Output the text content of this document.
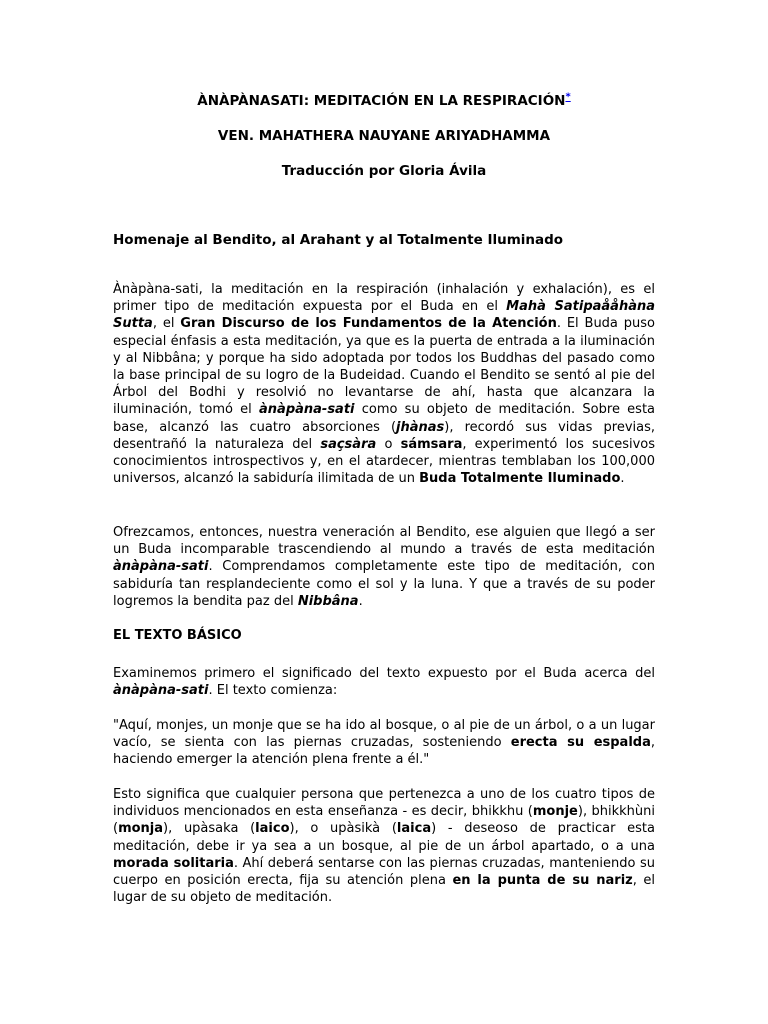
ÀNÀPÀNASATI: MEDITACIÓN EN LA RESPIRACIÓN*
VEN. MAHATHERA NAUYANE ARIYADHAMMA
Traducción por Gloria Ávila
Homenaje al Bendito, al Arahant y al Totalmente Iluminado
Ànàpàna-sati, la meditación en la respiración (inhalación y exhalación), es el primer tipo de meditación expuesta por el Buda en el Mahà Satipaååhàna Sutta, el Gran Discurso de los Fundamentos de la Atención. El Buda puso especial énfasis a esta meditación, ya que es la puerta de entrada a la iluminación y al Nibbâna; y porque ha sido adoptada por todos los Buddhas del pasado como la base principal de su logro de la Budeidad. Cuando el Bendito se sentó al pie del Árbol del Bodhi y resolvió no levantarse de ahí, hasta que alcanzara la iluminación, tomó el ànàpàna-sati como su objeto de meditación. Sobre esta base, alcanzó las cuatro absorciones (jhànas), recordó sus vidas previas, desentrañó la naturaleza del saçsàra o sámsara, experimentó los sucesivos conocimientos introspectivos y, en el atardecer, mientras temblaban los 100,000 universos, alcanzó la sabiduría ilimitada de un Buda Totalmente Iluminado.
Ofrezcamos, entonces, nuestra veneración al Bendito, ese alguien que llegó a ser un Buda incomparable trascendiendo al mundo a través de esta meditación ànàpàna-sati. Comprendamos completamente este tipo de meditación, con sabiduría tan resplandeciente como el sol y la luna. Y que a través de su poder logremos la bendita paz del Nibbâna.
EL TEXTO BÁSICO
Examinemos primero el significado del texto expuesto por el Buda acerca del ànàpàna-sati. El texto comienza:
"Aquí, monjes, un monje que se ha ido al bosque, o al pie de un árbol, o a un lugar vacío, se sienta con las piernas cruzadas, sosteniendo erecta su espalda, haciendo emerger la atención plena frente a él."
Esto significa que cualquier persona que pertenezca a uno de los cuatro tipos de individuos mencionados en esta enseñanza - es decir, bhikkhu (monje), bhikkhùni (monja), upàsaka (laico), o upàsikà (laica) - deseoso de practicar esta meditación, debe ir ya sea a un bosque, al pie de un árbol apartado, o a una morada solitaria. Ahí deberá sentarse con las piernas cruzadas, manteniendo su cuerpo en posición erecta, fija su atención plena en la punta de su nariz, el lugar de su objeto de meditación.
